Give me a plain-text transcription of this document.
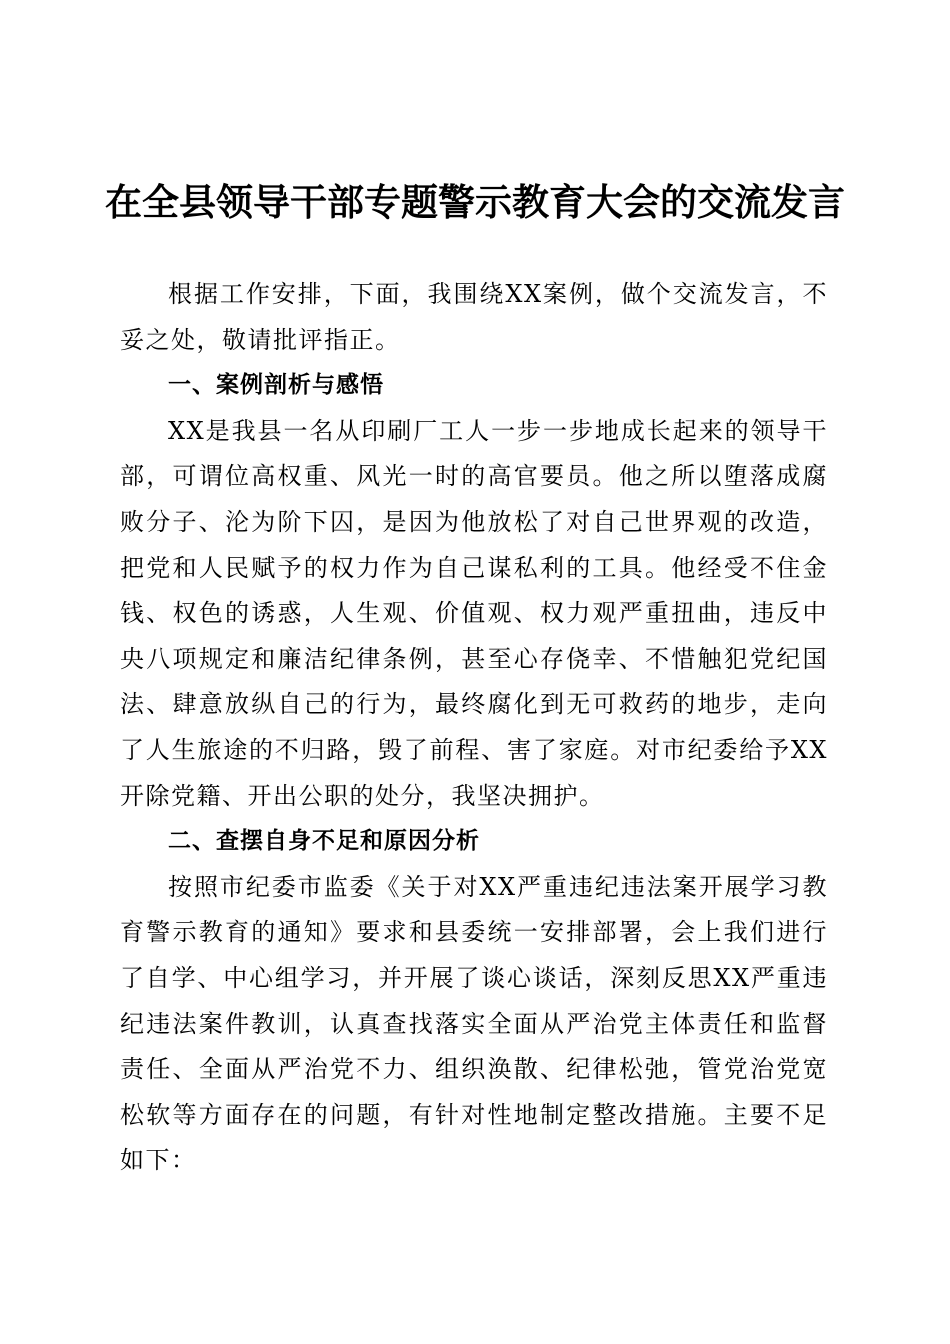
在全县领导干部专题警示教育大会的交流发言

根据工作安排，下面，我围绕XX案例，做个交流发言，不妥之处，敬请批评指正。

一、案例剖析与感悟

XX是我县一名从印刷厂工人一步一步地成长起来的领导干部，可谓位高权重、风光一时的高官要员。他之所以堕落成腐败分子、沦为阶下囚，是因为他放松了对自己世界观的改造，把党和人民赋予的权力作为自己谋私利的工具。他经受不住金钱、权色的诱惑，人生观、价值观、权力观严重扭曲，违反中央八项规定和廉洁纪律条例，甚至心存侥幸、不惜触犯党纪国法、肆意放纵自己的行为，最终腐化到无可救药的地步，走向了人生旅途的不归路，毁了前程、害了家庭。对市纪委给予XX开除党籍、开出公职的处分，我坚决拥护。

二、查摆自身不足和原因分析

按照市纪委市监委《关于对XX严重违纪违法案开展学习教育警示教育的通知》要求和县委统一安排部署，会上我们进行了自学、中心组学习，并开展了谈心谈话，深刻反思XX严重违纪违法案件教训，认真查找落实全面从严治党主体责任和监督责任、全面从严治党不力、组织涣散、纪律松弛，管党治党宽松软等方面存在的问题，有针对性地制定整改措施。主要不足如下：
